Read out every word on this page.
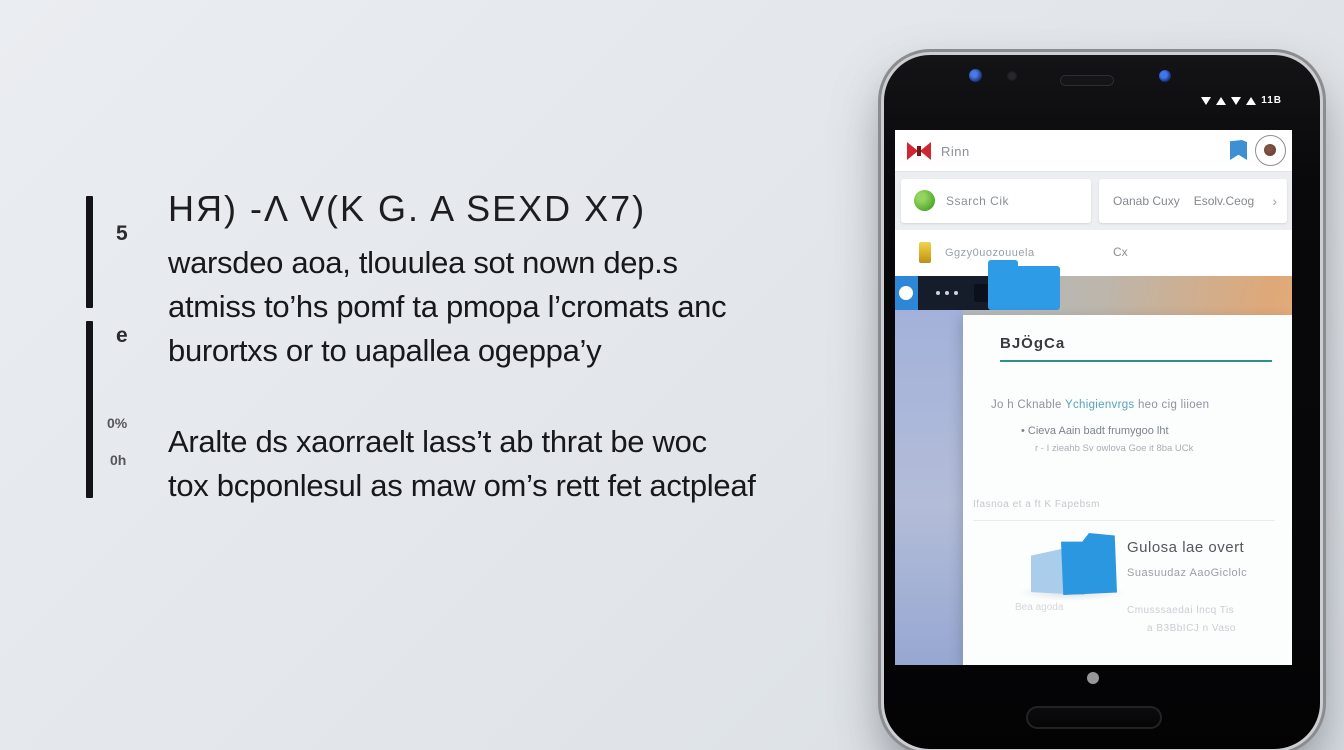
5
e
0%
0h
HЯ) -Λ V(K G. A SEXD X7)
warsdeo aoa, tlouulea sot nown dep.s
atmiss to’hs pomf ta pmopa l’cromats anc
burortxs or to uapallea ogeppa’y
Aralte ds xaorraelt lass’t ab thrat be woc
tox bcponlesul as maw om’s rett fet actpleaf
11B
Rinn
Ssarch Cik	Oanab Cuxy Esolv.Ceog ›
Ggzy0uozouuela	Cx
BJÖgCa
Jo h Cknable Ychigienvrgs heo cig liioen
• Cieva Aain badt frumygoo lht
r - I zieahb Sv owlova Goe it 8ba UCk
Ifasnoa et a ft K Fapebsm
Gulosa lae overt
Suasuudaz AaoGiclolc
Bea agoda	Cmusssaedai lncq Tis
a B3BbICJ n Vaso
